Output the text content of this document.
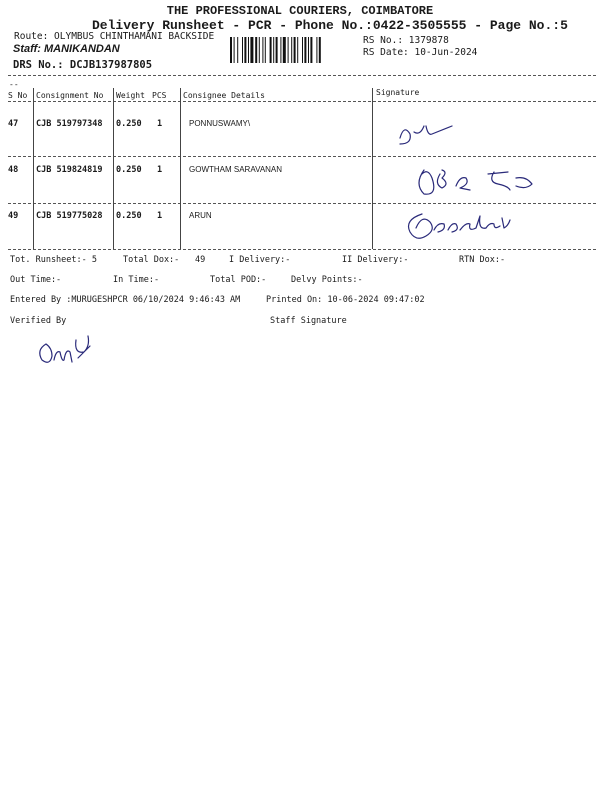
THE PROFESSIONAL COURIERS, COIMBATORE
Delivery Runsheet - PCR - Phone No.:0422-3505555 - Page No.:5
Route: OLYMBUS CHINTHAMANI BACKSIDE
Staff: MANIKANDAN
DRS No.: DCJB137987805
RS No.: 1379878
RS Date: 10-Jun-2024
--
S No Consignment No Weight PCS Consignee Details	Signature
47 CJB 519797348 0.250 1	PONNUSWAMY\
48 CJB 519824819 0.250 1	GOWTHAM SARAVANAN
49 CJB 519775028 0.250 1	ARUN
Tot. Runsheet:- 5	Total Dox:- 49	I Delivery:-	II Delivery:-	RTN Dox:-
Out Time:-	In Time:-	Total POD:-	Delvy Points:-
Entered By :MURUGESHPCR 06/10/2024 9:46:43 AM	Printed On: 10-06-2024 09:47:02
Verified By	Staff Signature
